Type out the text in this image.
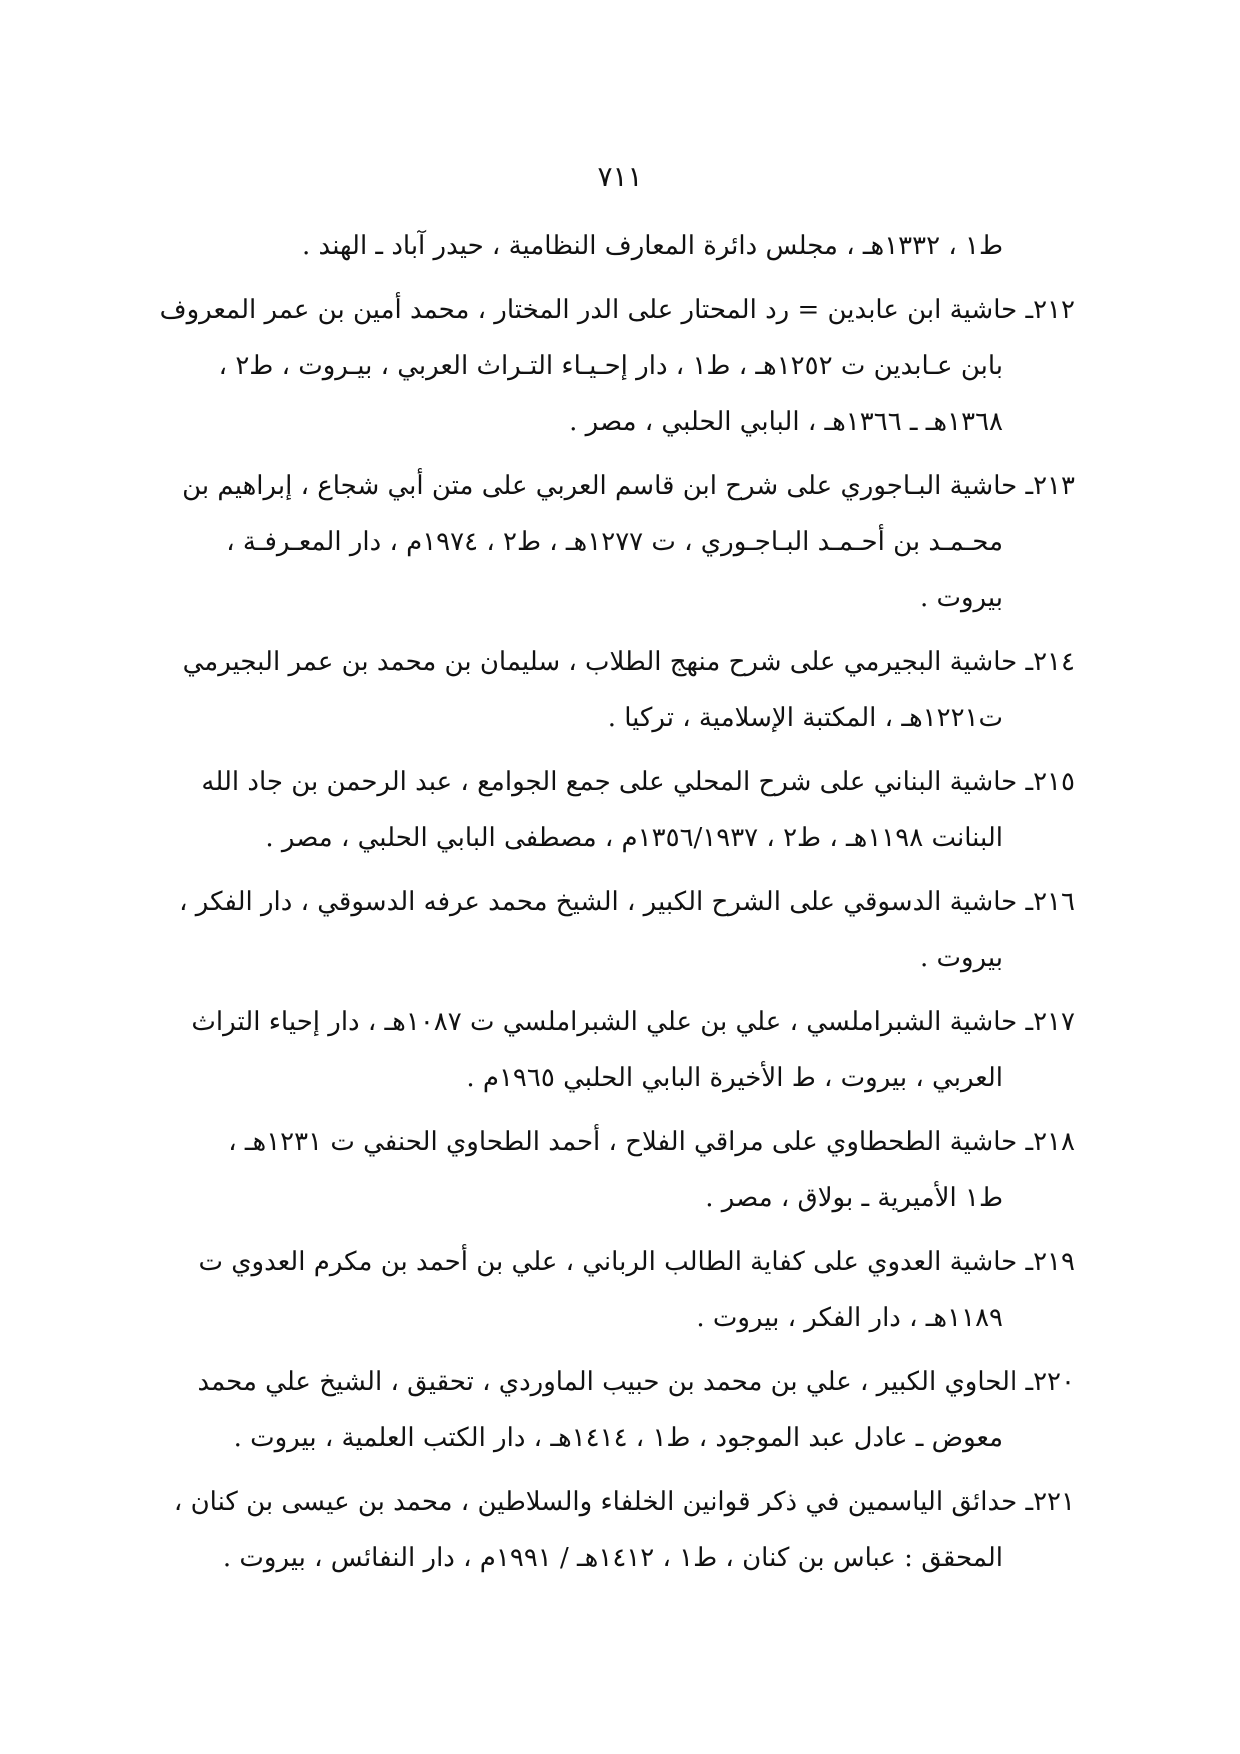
٧١١
ط١ ، ١٣٣٢هـ ، مجلس دائرة المعارف النظامية ، حيدر آباد ـ الهند .
٢١٢ـ حاشية ابن عابدين = رد المحتار على الدر المختار ، محمد أمين بن عمر المعروف
بابن عـابدين ت ١٢٥٢هـ ، ط١ ، دار إحـيـاء التـراث العربي ، بيـروت ، ط٢ ،
١٣٦٨هـ ـ ١٣٦٦هـ ، البابي الحلبي ، مصر .
٢١٣ـ حاشية البـاجوري على شرح ابن قاسم العربي على متن أبي شجاع ، إبراهيم بن
محـمـد بن أحـمـد البـاجـوري ، ت ١٢٧٧هـ ، ط٢ ، ١٩٧٤م ، دار المعـرفـة ،
بيروت .
٢١٤ـ حاشية البجيرمي على شرح منهج الطلاب ، سليمان بن محمد بن عمر البجيرمي
ت١٢٢١هـ ، المكتبة الإسلامية ، تركيا .
٢١٥ـ حاشية البناني على شرح المحلي على جمع الجوامع ، عبد الرحمن بن جاد الله
البنانت ١١٩٨هـ ، ط٢ ، ١٣٥٦/١٩٣٧م ، مصطفى البابي الحلبي ، مصر .
٢١٦ـ حاشية الدسوقي على الشرح الكبير ، الشيخ محمد عرفه الدسوقي ، دار الفكر ،
بيروت .
٢١٧ـ حاشية الشبراملسي ، علي بن علي الشبراملسي ت ١٠٨٧هـ ، دار إحياء التراث
العربي ، بيروت ، ط الأخيرة البابي الحلبي ١٩٦٥م .
٢١٨ـ حاشية الطحطاوي على مراقي الفلاح ، أحمد الطحاوي الحنفي ت ١٢٣١هـ ،
ط١ الأميرية ـ بولاق ، مصر .
٢١٩ـ حاشية العدوي على كفاية الطالب الرباني ، علي بن أحمد بن مكرم العدوي ت
١١٨٩هـ ، دار الفكر ، بيروت .
٢٢٠ـ الحاوي الكبير ، علي بن محمد بن حبيب الماوردي ، تحقيق ، الشيخ علي محمد
معوض ـ عادل عبد الموجود ، ط١ ، ١٤١٤هـ ، دار الكتب العلمية ، بيروت .
٢٢١ـ حدائق الياسمين في ذكر قوانين الخلفاء والسلاطين ، محمد بن عيسى بن كنان ،
المحقق : عباس بن كنان ، ط١ ، ١٤١٢هـ / ١٩٩١م ، دار النفائس ، بيروت .
